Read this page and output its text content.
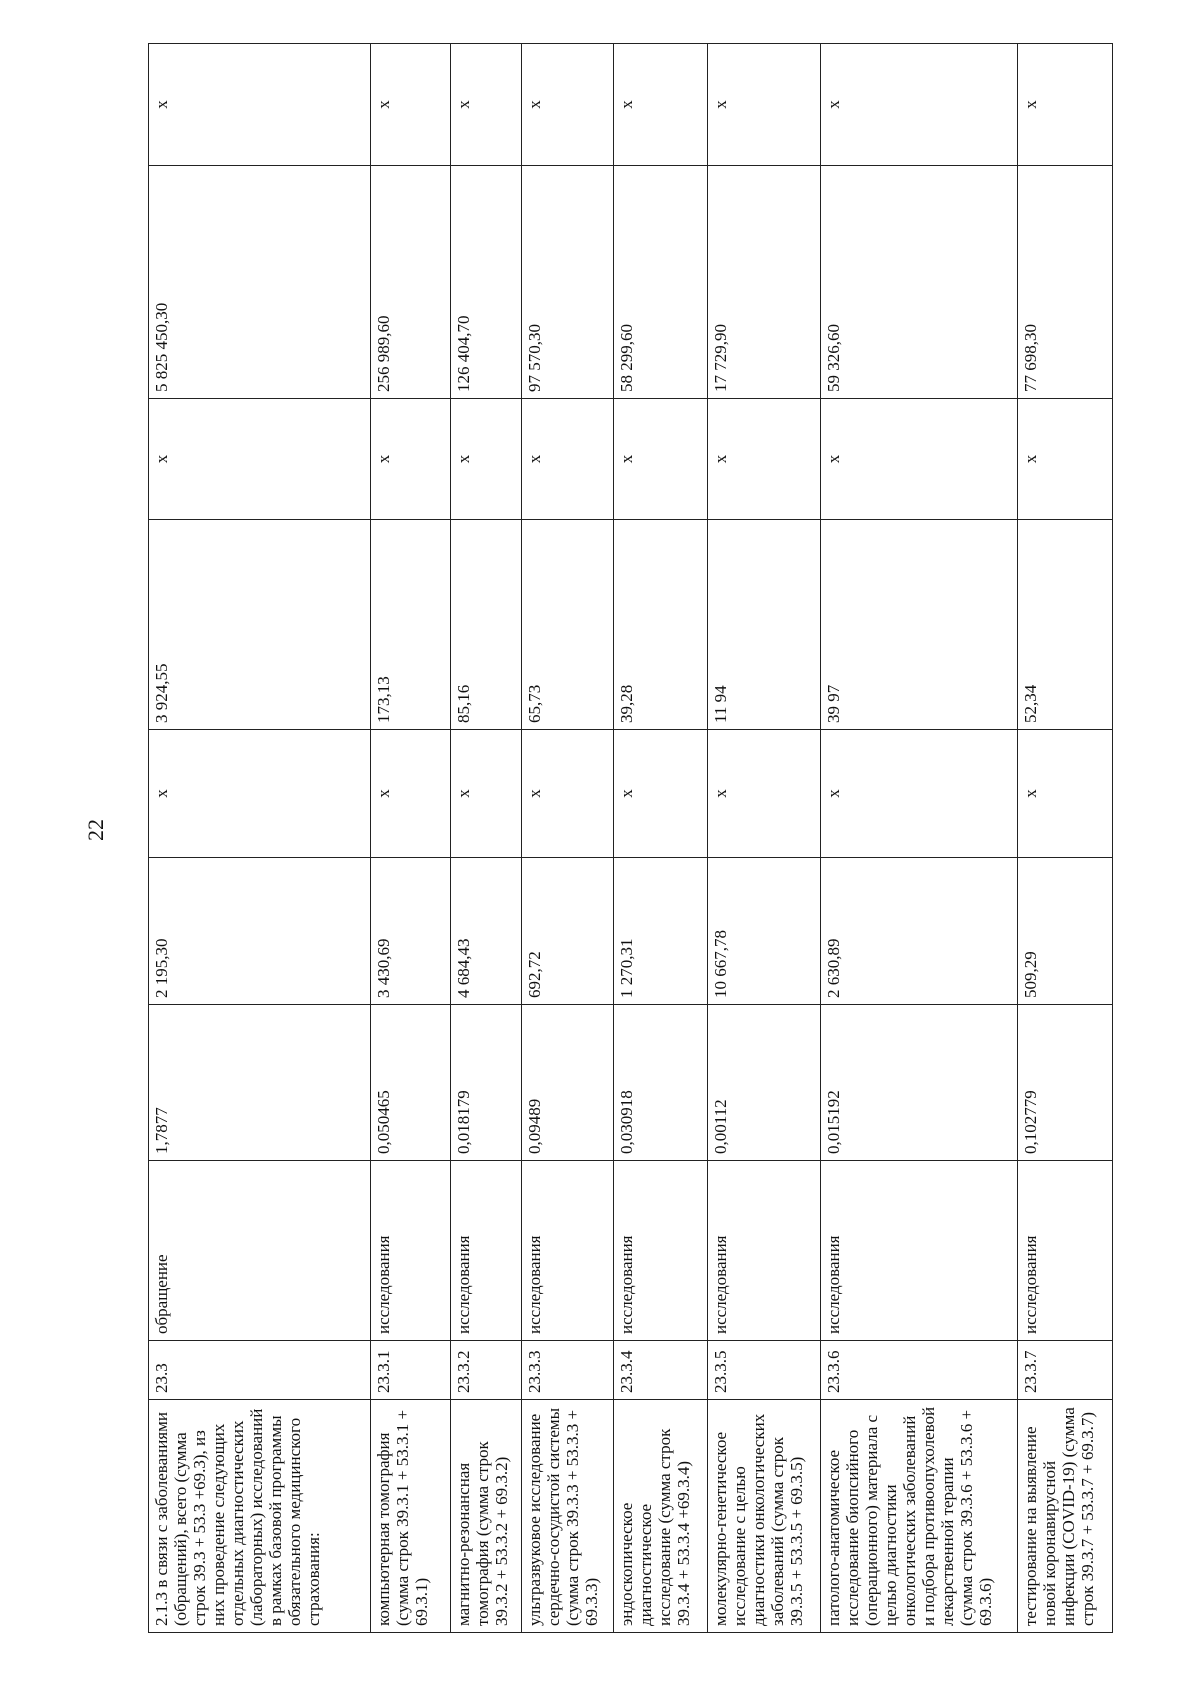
22
2.1.3 в связи с заболеваниями (обращений), всего (сумма строк 39.3 + 53.3 +69.3), из них проведение следующих отдельных диагностических (лабораторных) исследований в рамках базовой программы обязательного медицинского страхования:	23.3	обращение	1,7877	2 195,30	х	3 924,55	х	5 825 450,30	х
компьютерная томография (сумма строк 39.3.1 + 53.3.1 + 69.3.1)	23.3.1	исследования	0,050465	3 430,69	х	173,13	х	256 989,60	х
магнитно-резонансная томография (сумма строк 39.3.2 + 53.3.2 + 69.3.2)	23.3.2	исследования	0,018179	4 684,43	х	85,16	х	126 404,70	х
ультразвуковое исследование сердечно-сосудистой системы (сумма строк 39.3.3 + 53.3.3 + 69.3.3)	23.3.3	исследования	0,09489	692,72	х	65,73	х	97 570,30	х
эндоскопическое диагностическое исследование (сумма строк 39.3.4 + 53.3.4 +69.3.4)	23.3.4	исследования	0,030918	1 270,31	х	39,28	х	58 299,60	х
молекулярно-генетическое исследование с целью диагностики онкологических заболеваний (сумма строк 39.3.5 + 53.3.5 + 69.3.5)	23.3.5	исследования	0,00112	10 667,78	х	11 94	х	17 729,90	х
патолого-анатомическое исследование биопсийного (операционного) материала с целью диагностики онкологических заболеваний и подбора противоопухолевой лекарственной терапии (сумма строк 39.3.6 + 53.3.6 + 69.3.6)	23.3.6	исследования	0,015192	2 630,89	х	39 97	х	59 326,60	х
тестирование на выявление новой коронавирусной инфекции (COVID-19) (сумма строк 39.3.7 + 53.3.7 + 69.3.7)	23.3.7	исследования	0,102779	509,29	х	52,34	х	77 698,30	х
